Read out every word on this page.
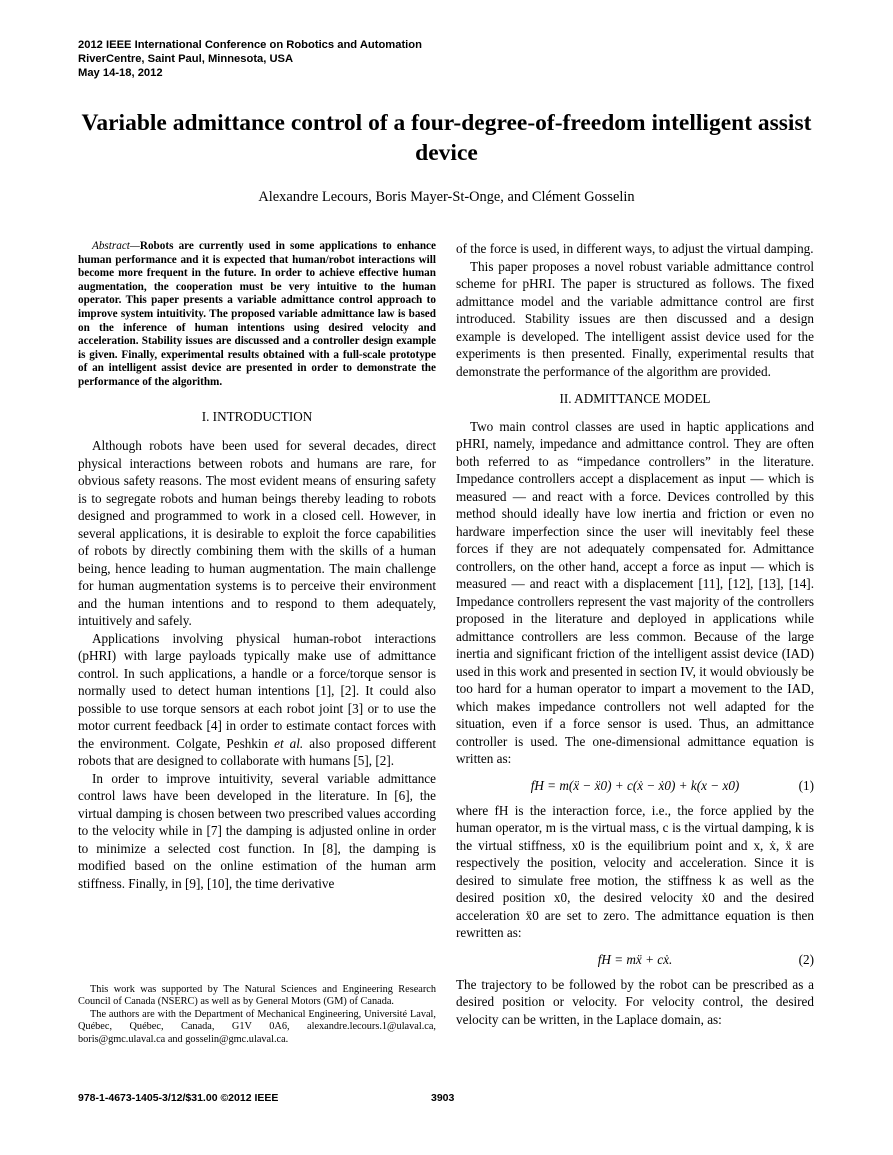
2012 IEEE International Conference on Robotics and Automation
RiverCentre, Saint Paul, Minnesota, USA
May 14-18, 2012
Variable admittance control of a four-degree-of-freedom intelligent assist device
Alexandre Lecours, Boris Mayer-St-Onge, and Clément Gosselin

Abstract—Robots are currently used in some applications to enhance human performance and it is expected that human/robot interactions will become more frequent in the future. In order to achieve effective human augmentation, the cooperation must be very intuitive to the human operator. This paper presents a variable admittance control approach to improve system intuitivity. The proposed variable admittance law is based on the inference of human intentions using desired velocity and acceleration. Stability issues are discussed and a controller design example is given. Finally, experimental results obtained with a full-scale prototype of an intelligent assist device are presented in order to demonstrate the performance of the algorithm.

I. INTRODUCTION

Although robots have been used for several decades, direct physical interactions between robots and humans are rare, for obvious safety reasons. The most evident means of ensuring safety is to segregate robots and human beings thereby leading to robots designed and programmed to work in a closed cell. However, in several applications, it is desirable to exploit the force capabilities of robots by directly combining them with the skills of a human being, hence leading to human augmentation. The main challenge for human augmentation systems is to perceive their environment and the human intentions and to respond to them adequately, intuitively and safely.

Applications involving physical human-robot interactions (pHRI) with large payloads typically make use of admittance control. In such applications, a handle or a force/torque sensor is normally used to detect human intentions [1], [2]. It could also possible to use torque sensors at each robot joint [3] or to use the motor current feedback [4] in order to estimate contact forces with the environment. Colgate, Peshkin et al. also proposed different robots that are designed to collaborate with humans [5], [2].

In order to improve intuitivity, several variable admittance control laws have been developed in the literature. In [6], the virtual damping is chosen between two prescribed values according to the velocity while in [7] the damping is adjusted online in order to minimize a selected cost function. In [8], the damping is modified based on the online estimation of the human arm stiffness. Finally, in [9], [10], the time derivative

of the force is used, in different ways, to adjust the virtual damping.

This paper proposes a novel robust variable admittance control scheme for pHRI. The paper is structured as follows. The fixed admittance model and the variable admittance control are first introduced. Stability issues are then discussed and a design example is developed. The intelligent assist device used for the experiments is then presented. Finally, experimental results that demonstrate the performance of the algorithm are provided.

II. ADMITTANCE MODEL

Two main control classes are used in haptic applications and pHRI, namely, impedance and admittance control. They are often both referred to as “impedance controllers” in the literature. Impedance controllers accept a displacement as input — which is measured — and react with a force. Devices controlled by this method should ideally have low inertia and friction or even no hardware imperfection since the user will inevitably feel these forces if they are not adequately compensated for. Admittance controllers, on the other hand, accept a force as input — which is measured — and react with a displacement [11], [12], [13], [14]. Impedance controllers represent the vast majority of the controllers proposed in the literature and deployed in applications while admittance controllers are less common. Because of the large inertia and significant friction of the intelligent assist device (IAD) used in this work and presented in section IV, it would obviously be too hard for a human operator to impart a movement to the IAD, which makes impedance controllers not well adapted for the situation, even if a force sensor is used. Thus, an admittance controller is used. The one-dimensional admittance equation is written as:

fH = m(ẍ − ẍ0) + c(ẋ − ẋ0) + k(x − x0)	(1)

where fH is the interaction force, i.e., the force applied by the human operator, m is the virtual mass, c is the virtual damping, k is the virtual stiffness, x0 is the equilibrium point and x, ẋ, ẍ are respectively the position, velocity and acceleration. Since it is desired to simulate free motion, the stiffness k as well as the desired position x0, the desired velocity ẋ0 and the desired acceleration ẍ0 are set to zero. The admittance equation is then rewritten as:

fH = mẍ + cẋ.	(2)

The trajectory to be followed by the robot can be prescribed as a desired position or velocity. For velocity control, the desired velocity can be written, in the Laplace domain, as:

This work was supported by The Natural Sciences and Engineering Research Council of Canada (NSERC) as well as by General Motors (GM) of Canada.

The authors are with the Department of Mechanical Engineering, Université Laval, Québec, Québec, Canada, G1V 0A6, alexandre.lecours.1@ulaval.ca, boris@gmc.ulaval.ca and gosselin@gmc.ulaval.ca.

978-1-4673-1405-3/12/$31.00 ©2012 IEEE	3903
